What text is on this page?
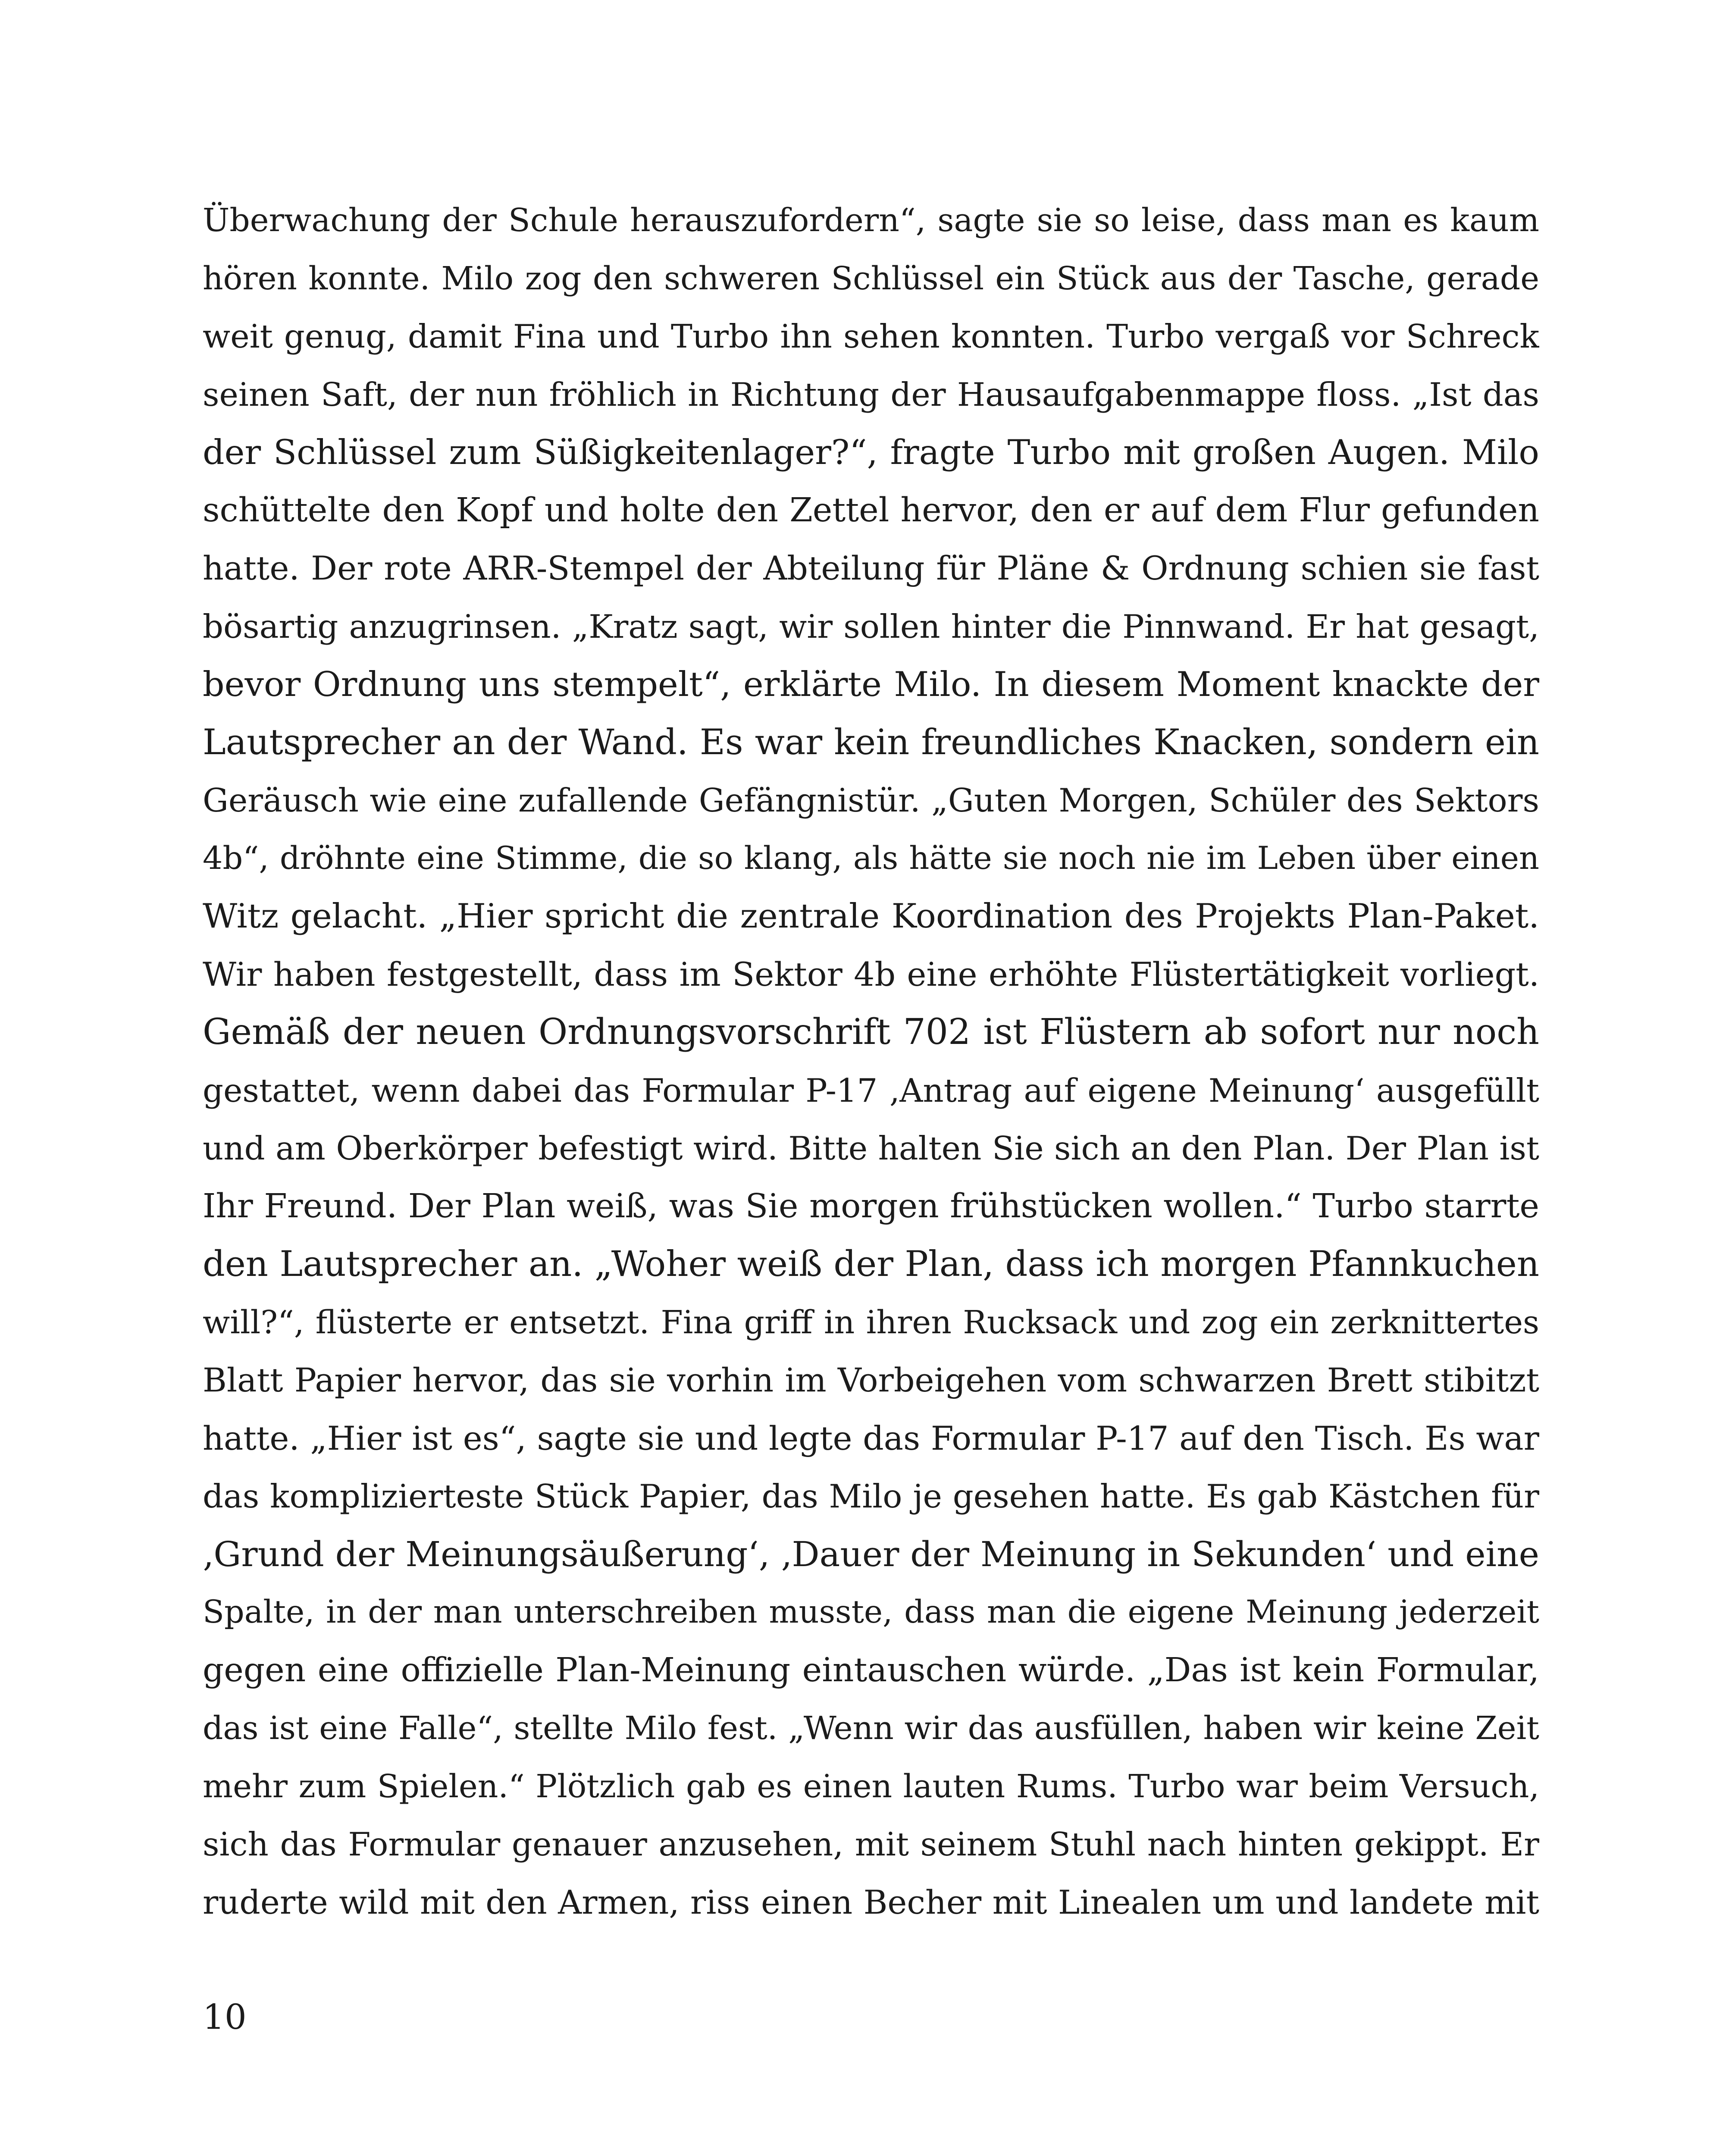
Überwachung der Schule herauszufordern“, sagte sie so leise, dass man es kaum
hören konnte. Milo zog den schweren Schlüssel ein Stück aus der Tasche, gerade
weit genug, damit Fina und Turbo ihn sehen konnten. Turbo vergaß vor Schreck
seinen Saft, der nun fröhlich in Richtung der Hausaufgabenmappe floss. „Ist das
der Schlüssel zum Süßigkeitenlager?“, fragte Turbo mit großen Augen. Milo
schüttelte den Kopf und holte den Zettel hervor, den er auf dem Flur gefunden
hatte. Der rote ARR-Stempel der Abteilung für Pläne & Ordnung schien sie fast
bösartig anzugrinsen. „Kratz sagt, wir sollen hinter die Pinnwand. Er hat gesagt,
bevor Ordnung uns stempelt“, erklärte Milo. In diesem Moment knackte der
Lautsprecher an der Wand. Es war kein freundliches Knacken, sondern ein
Geräusch wie eine zufallende Gefängnistür. „Guten Morgen, Schüler des Sektors
4b“, dröhnte eine Stimme, die so klang, als hätte sie noch nie im Leben über einen
Witz gelacht. „Hier spricht die zentrale Koordination des Projekts Plan-Paket.
Wir haben festgestellt, dass im Sektor 4b eine erhöhte Flüstertätigkeit vorliegt.
Gemäß der neuen Ordnungsvorschrift 702 ist Flüstern ab sofort nur noch
gestattet, wenn dabei das Formular P-17 ‚Antrag auf eigene Meinung‘ ausgefüllt
und am Oberkörper befestigt wird. Bitte halten Sie sich an den Plan. Der Plan ist
Ihr Freund. Der Plan weiß, was Sie morgen frühstücken wollen.“ Turbo starrte
den Lautsprecher an. „Woher weiß der Plan, dass ich morgen Pfannkuchen
will?“, flüsterte er entsetzt. Fina griff in ihren Rucksack und zog ein zerknittertes
Blatt Papier hervor, das sie vorhin im Vorbeigehen vom schwarzen Brett stibitzt
hatte. „Hier ist es“, sagte sie und legte das Formular P-17 auf den Tisch. Es war
das komplizierteste Stück Papier, das Milo je gesehen hatte. Es gab Kästchen für
‚Grund der Meinungsäußerung‘, ‚Dauer der Meinung in Sekunden‘ und eine
Spalte, in der man unterschreiben musste, dass man die eigene Meinung jederzeit
gegen eine offizielle Plan-Meinung eintauschen würde. „Das ist kein Formular,
das ist eine Falle“, stellte Milo fest. „Wenn wir das ausfüllen, haben wir keine Zeit
mehr zum Spielen.“ Plötzlich gab es einen lauten Rums. Turbo war beim Versuch,
sich das Formular genauer anzusehen, mit seinem Stuhl nach hinten gekippt. Er
ruderte wild mit den Armen, riss einen Becher mit Linealen um und landete mit
10
